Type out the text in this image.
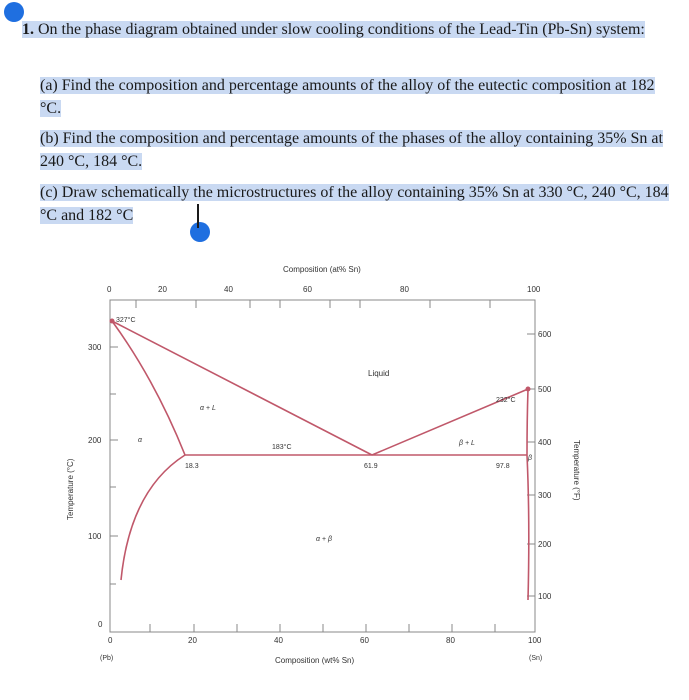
1. On the phase diagram obtained under slow cooling conditions of the Lead-Tin (Pb-Sn) system:
(a) Find the composition and percentage amounts of the alloy of the eutectic composition at 182 °C.
(b) Find the composition and percentage amounts of the phases of the alloy containing 35% Sn at 240 °C, 184 °C.
(c) Draw schematically the microstructures of the alloy containing 35% Sn at 330 °C, 240 °C, 184 °C and 182 °C
Composition (at% Sn)
0	20	40	60	80	100
0	20	40	60	80	100
(Pb)	(Sn)
Composition (wt% Sn)
300
200
100
0
Temperature (°C)
600
500
400
300
200
100
Temperature (°F)
327°C
232°C
183°C
18.3	61.9	97.8
Liquid
α + L
β + L
α + β
α
β
